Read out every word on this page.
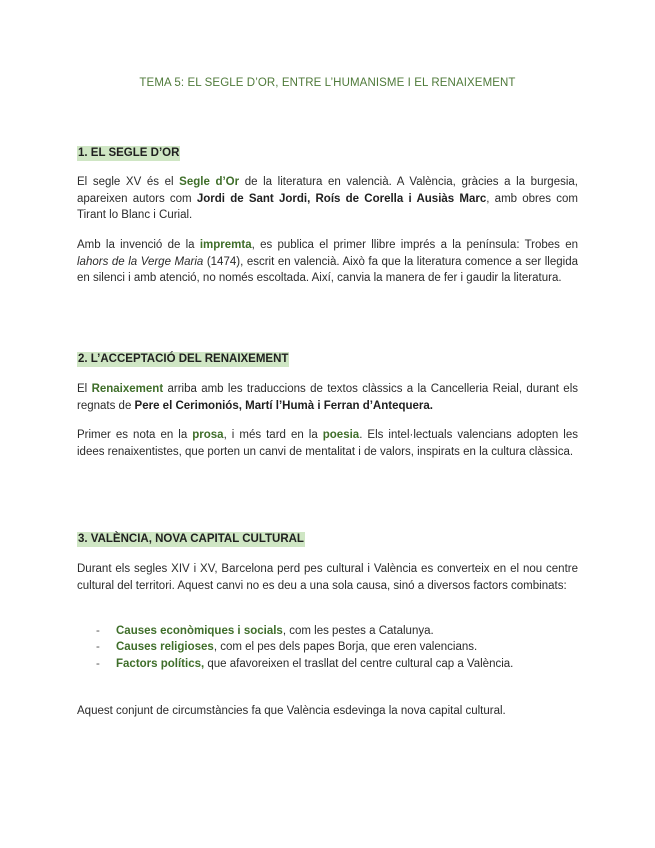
TEMA 5: EL SEGLE D’OR, ENTRE L’HUMANISME I EL RENAIXEMENT
1. EL SEGLE D’OR

El segle XV és el Segle d’Or de la literatura en valencià. A València, gràcies a la burgesia, apareixen autors com Jordi de Sant Jordi, Roís de Corella i Ausiàs Marc, amb obres com Tirant lo Blanc i Curial.

Amb la invenció de la impremta, es publica el primer llibre imprés a la península: Trobes en lahors de la Verge Maria (1474), escrit en valencià. Això fa que la literatura comence a ser llegida en silenci i amb atenció, no només escoltada. Així, canvia la manera de fer i gaudir la literatura.

2. L’ACCEPTACIÓ DEL RENAIXEMENT

El Renaixement arriba amb les traduccions de textos clàssics a la Cancelleria Reial, durant els regnats de Pere el Cerimoniós, Martí l’Humà i Ferran d’Antequera.

Primer es nota en la prosa, i més tard en la poesia. Els intel·lectuals valencians adopten les idees renaixentistes, que porten un canvi de mentalitat i de valors, inspirats en la cultura clàssica.

3. VALÈNCIA, NOVA CAPITAL CULTURAL

Durant els segles XIV i XV, Barcelona perd pes cultural i València es converteix en el nou centre cultural del territori. Aquest canvi no es deu a una sola causa, sinó a diversos factors combinats:

- Causes econòmiques i socials, com les pestes a Catalunya.
- Causes religioses, com el pes dels papes Borja, que eren valencians.
- Factors polítics, que afavoreixen el trasllat del centre cultural cap a València.

Aquest conjunt de circumstàncies fa que València esdevinga la nova capital cultural.
